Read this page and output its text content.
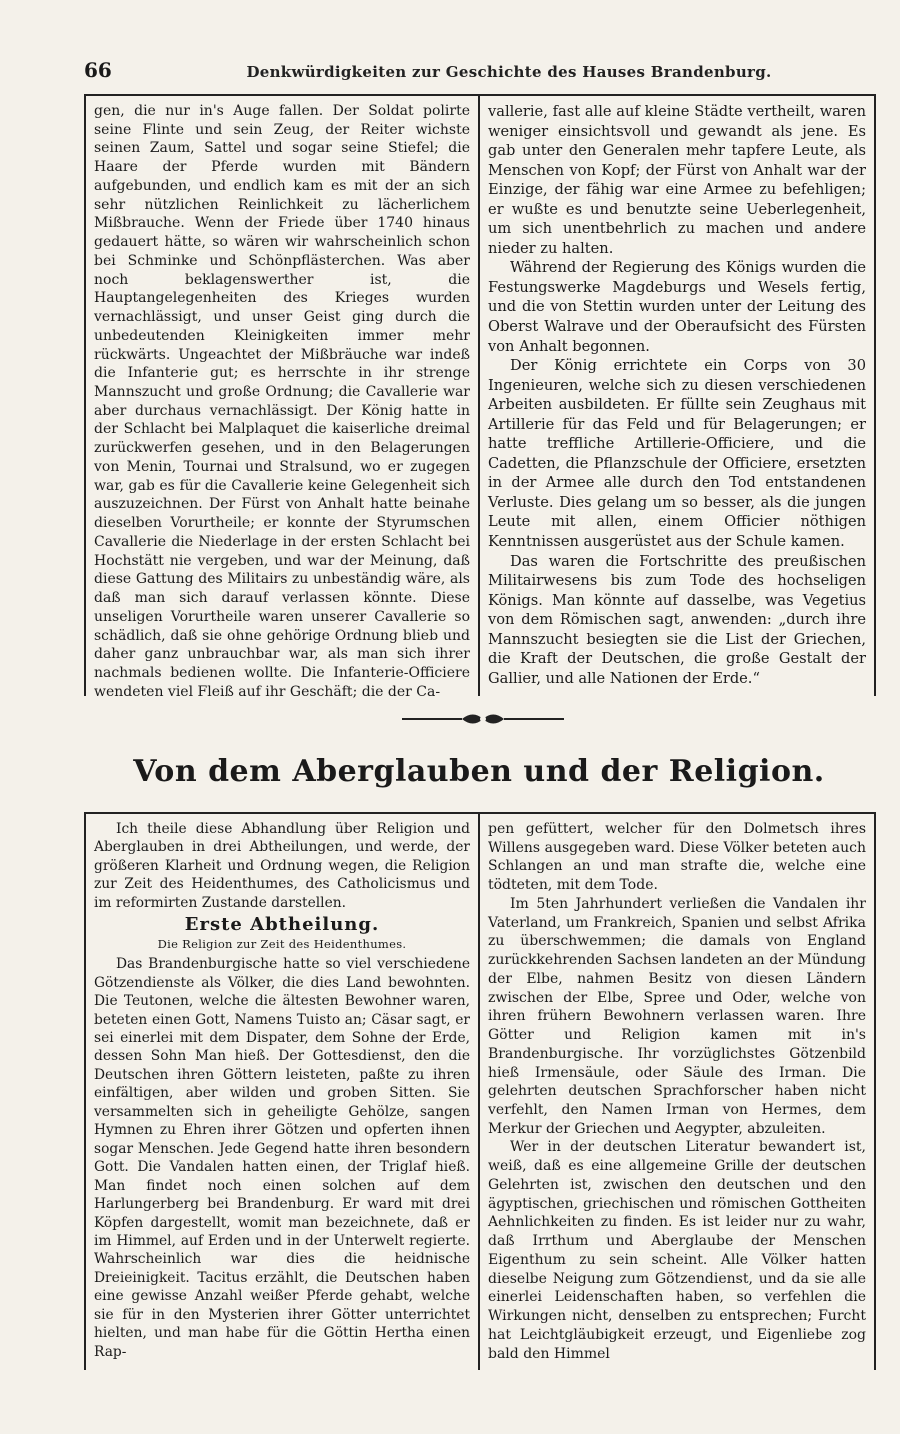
66	Denkwürdigkeiten zur Geschichte des Hauses Brandenburg.

gen, die nur in's Auge fallen. Der Soldat polirte seine Flinte und sein Zeug, der Reiter wichste seinen Zaum, Sattel und sogar seine Stiefel; die Haare der Pferde wurden mit Bändern aufgebunden, und endlich kam es mit der an sich sehr nützlichen Reinlichkeit zu lächerlichem Mißbrauche. Wenn der Friede über 1740 hinaus gedauert hätte, so wären wir wahrscheinlich schon bei Schminke und Schönpflästerchen. Was aber noch beklagenswerther ist, die Hauptangelegenheiten des Krieges wurden vernachlässigt, und unser Geist ging durch die unbedeutenden Kleinigkeiten immer mehr rückwärts. Ungeachtet der Mißbräuche war indeß die Infanterie gut; es herrschte in ihr strenge Mannszucht und große Ordnung; die Cavallerie war aber durchaus vernachlässigt. Der König hatte in der Schlacht bei Malplaquet die kaiserliche dreimal zurückwerfen gesehen, und in den Belagerungen von Menin, Tournai und Stralsund, wo er zugegen war, gab es für die Cavallerie keine Gelegenheit sich auszuzeichnen. Der Fürst von Anhalt hatte beinahe dieselben Vorurtheile; er konnte der Styrumschen Cavallerie die Niederlage in der ersten Schlacht bei Hochstätt nie vergeben, und war der Meinung, daß diese Gattung des Militairs zu unbeständig wäre, als daß man sich darauf verlassen könnte. Diese unseligen Vorurtheile waren unserer Cavallerie so schädlich, daß sie ohne gehörige Ordnung blieb und daher ganz unbrauchbar war, als man sich ihrer nachmals bedienen wollte. Die Infanterie-Officiere wendeten viel Fleiß auf ihr Geschäft; die der Ca-

vallerie, fast alle auf kleine Städte vertheilt, waren weniger einsichtsvoll und gewandt als jene. Es gab unter den Generalen mehr tapfere Leute, als Menschen von Kopf; der Fürst von Anhalt war der Einzige, der fähig war eine Armee zu befehligen; er wußte es und benutzte seine Ueberlegenheit, um sich unentbehrlich zu machen und andere nieder zu halten.

Während der Regierung des Königs wurden die Festungswerke Magdeburgs und Wesels fertig, und die von Stettin wurden unter der Leitung des Oberst Walrave und der Oberaufsicht des Fürsten von Anhalt begonnen.

Der König errichtete ein Corps von 30 Ingenieuren, welche sich zu diesen verschiedenen Arbeiten ausbildeten. Er füllte sein Zeughaus mit Artillerie für das Feld und für Belagerungen; er hatte treffliche Artillerie-Officiere, und die Cadetten, die Pflanzschule der Officiere, ersetzten in der Armee alle durch den Tod entstandenen Verluste. Dies gelang um so besser, als die jungen Leute mit allen, einem Officier nöthigen Kenntnissen ausgerüstet aus der Schule kamen.

Das waren die Fortschritte des preußischen Militairwesens bis zum Tode des hochseligen Königs. Man könnte auf dasselbe, was Vegetius von dem Römischen sagt, anwenden: „durch ihre Mannszucht besiegten sie die List der Griechen, die Kraft der Deutschen, die große Gestalt der Gallier, und alle Nationen der Erde.“

Von dem Aberglauben und der Religion.

Ich theile diese Abhandlung über Religion und Aberglauben in drei Abtheilungen, und werde, der größeren Klarheit und Ordnung wegen, die Religion zur Zeit des Heidenthumes, des Catholicismus und im reformirten Zustande darstellen.

Erste Abtheilung.
Die Religion zur Zeit des Heidenthumes.

Das Brandenburgische hatte so viel verschiedene Götzendienste als Völker, die dies Land bewohnten. Die Teutonen, welche die ältesten Bewohner waren, beteten einen Gott, Namens Tuisto an; Cäsar sagt, er sei einerlei mit dem Dispater, dem Sohne der Erde, dessen Sohn Man hieß. Der Gottesdienst, den die Deutschen ihren Göttern leisteten, paßte zu ihren einfältigen, aber wilden und groben Sitten. Sie versammelten sich in geheiligte Gehölze, sangen Hymnen zu Ehren ihrer Götzen und opferten ihnen sogar Menschen. Jede Gegend hatte ihren besondern Gott. Die Vandalen hatten einen, der Triglaf hieß. Man findet noch einen solchen auf dem Harlungerberg bei Brandenburg. Er ward mit drei Köpfen dargestellt, womit man bezeichnete, daß er im Himmel, auf Erden und in der Unterwelt regierte. Wahrscheinlich war dies die heidnische Dreieinigkeit. Tacitus erzählt, die Deutschen haben eine gewisse Anzahl weißer Pferde gehabt, welche sie für in den Mysterien ihrer Götter unterrichtet hielten, und man habe für die Göttin Hertha einen Rap-

pen gefüttert, welcher für den Dolmetsch ihres Willens ausgegeben ward. Diese Völker beteten auch Schlangen an und man strafte die, welche eine tödteten, mit dem Tode.

Im 5ten Jahrhundert verließen die Vandalen ihr Vaterland, um Frankreich, Spanien und selbst Afrika zu überschwemmen; die damals von England zurückkehrenden Sachsen landeten an der Mündung der Elbe, nahmen Besitz von diesen Ländern zwischen der Elbe, Spree und Oder, welche von ihren frühern Bewohnern verlassen waren. Ihre Götter und Religion kamen mit in's Brandenburgische. Ihr vorzüglichstes Götzenbild hieß Irmensäule, oder Säule des Irman. Die gelehrten deutschen Sprachforscher haben nicht verfehlt, den Namen Irman von Hermes, dem Merkur der Griechen und Aegypter, abzuleiten.

Wer in der deutschen Literatur bewandert ist, weiß, daß es eine allgemeine Grille der deutschen Gelehrten ist, zwischen den deutschen und den ägyptischen, griechischen und römischen Gottheiten Aehnlichkeiten zu finden. Es ist leider nur zu wahr, daß Irrthum und Aberglaube der Menschen Eigenthum zu sein scheint. Alle Völker hatten dieselbe Neigung zum Götzendienst, und da sie alle einerlei Leidenschaften haben, so verfehlen die Wirkungen nicht, denselben zu entsprechen; Furcht hat Leichtgläubigkeit erzeugt, und Eigenliebe zog bald den Himmel
